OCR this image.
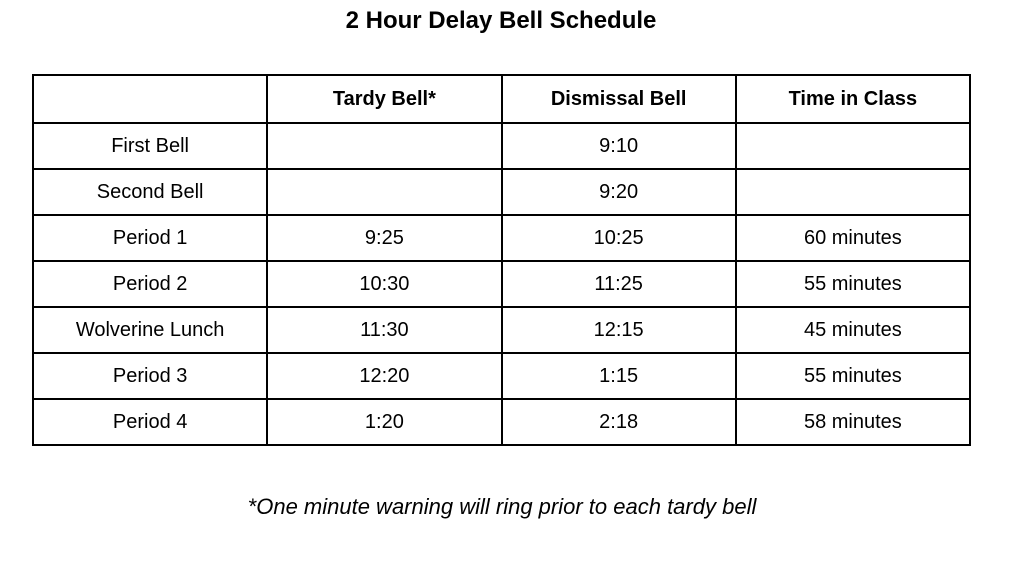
2 Hour Delay Bell Schedule
	Tardy Bell*	Dismissal Bell	Time in Class
First Bell		9:10	
Second Bell		9:20	
Period 1	9:25	10:25	60 minutes
Period 2	10:30	11:25	55 minutes
Wolverine Lunch	11:30	12:15	45 minutes
Period 3	12:20	1:15	55 minutes
Period 4	1:20	2:18	58 minutes
*One minute warning will ring prior to each tardy bell
